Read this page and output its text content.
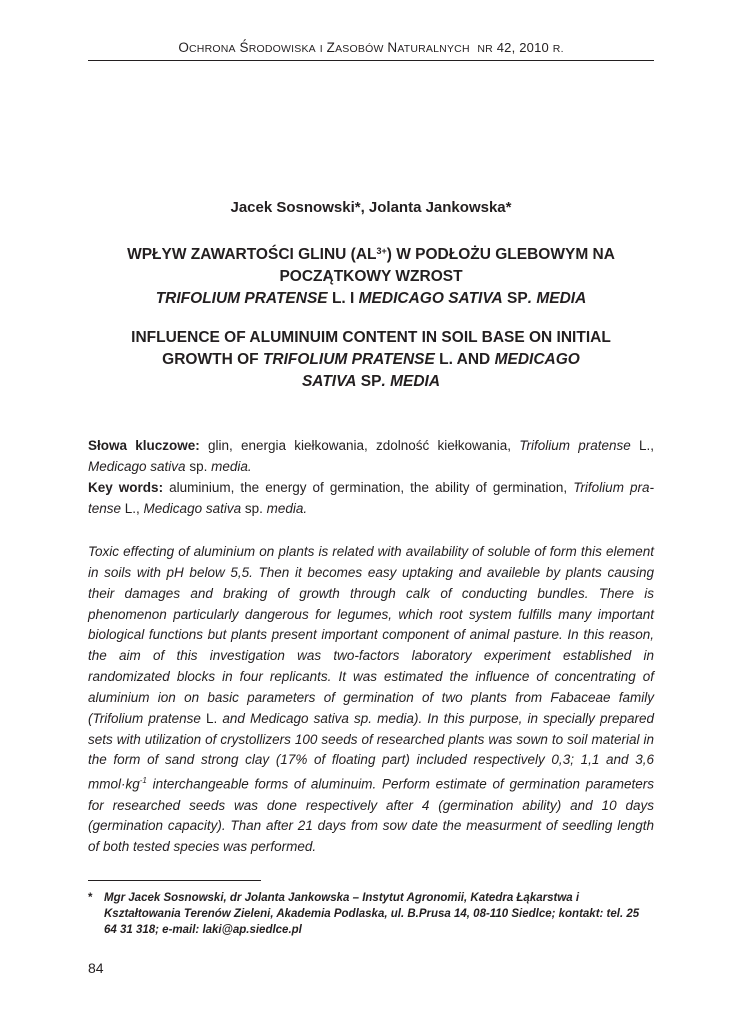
OCHRONA ŚRODOWISKA I ZASOBÓW NATURALNYCH NR 42, 2010 R.
Jacek Sosnowski*, Jolanta Jankowska*
WPŁYW ZAWARTOŚCI GLINU $(AL^{3+})$ W PODŁOŻU GLEBOWYM NA
POCZĄTKOWY WZROST
TRIFOLIUM PRATENSE L. I MEDICAGO SATIVA SP. MEDIA
INFLUENCE OF ALUMINUIM CONTENT IN SOIL BASE ON INITIAL
GROWTH OF TRIFOLIUM PRATENSE L. AND MEDICAGO
SATIVA SP. MEDIA
Słowa kluczowe: glin, energia kiełkowania, zdolność kiełkowania, Trifolium pratense L., Medicago sativa sp. media.
Key words: aluminium, the energy of germination, the ability of germination, Trifolium pra-tense L., Medicago sativa sp. media.
Toxic effecting of aluminium on plants is related with availability of soluble of form this element in soils with pH below 5,5. Then it becomes easy uptaking and availeble by plants causing their damages and braking of growth through calk of conducting bundles. There is phenomenon particularly dangerous for legumes, which root system fulfills many important biological functions but plants present important component of animal pasture. In this reason, the aim of this investigation was two-factors laboratory experiment established in randomizated blocks in four replicants. It was estimated the influence of concentrating of aluminium ion on basic parameters of germination of two plants from Fabaceae family (Trifolium pratense L. and Medicago sativa sp. media). In this purpose, in specially prepared sets with utilization of crystollizers 100 seeds of researched plants was sown to soil material in the form of sand strong clay (17% of floating part) included respectively 0,3; 1,1 and 3,6 $mmol\cdot kg^{-1}$ interchangeable forms of aluminuim. Perform estimate of germination parameters for researched seeds was done respectively after 4 (germination ability) and 10 days (germination capacity). Than after 21 days from sow date the measurment of seedling length of both tested species was performed.
*	Mgr Jacek Sosnowski, dr Jolanta Jankowska – Instytut Agronomii, Katedra Łąkarstwa i Kształtowania Terenów Zieleni, Akademia Podlaska, ul. B.Prusa 14, 08-110 Siedlce; kontakt: tel. 25 64 31 318; e-mail: laki@ap.siedlce.pl
84
